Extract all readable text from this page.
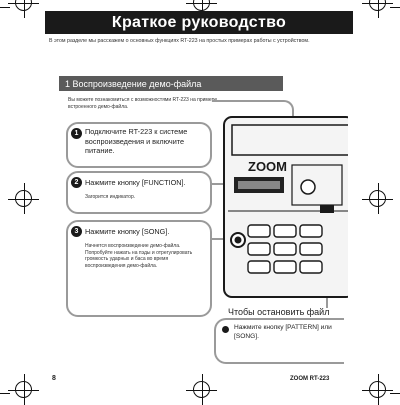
Краткое руководство
В этом разделе мы расскажем о основных функциях RT-223 на простых примерах работы с устройством.
1 Воспроизведение демо-файла
Вы можете познакомиться с возможностями RT-223 на примере встроенного демо-файла.
ZOOM
1 Подключите RT-223 к системе воспроизведения и включите питание.
2 Нажмите кнопку [FUNCTION].
Загорится индикатор.
3 Нажмите кнопку [SONG].
Начнется воспроизведение демо-файла. Попробуйте нажать на пэды и отрегулировать громкость ударных и баса во время воспроизведения демо-файла.
Чтобы остановить файл
Нажмите кнопку [PATTERN] или [SONG].
8	ZOOM RT-223
